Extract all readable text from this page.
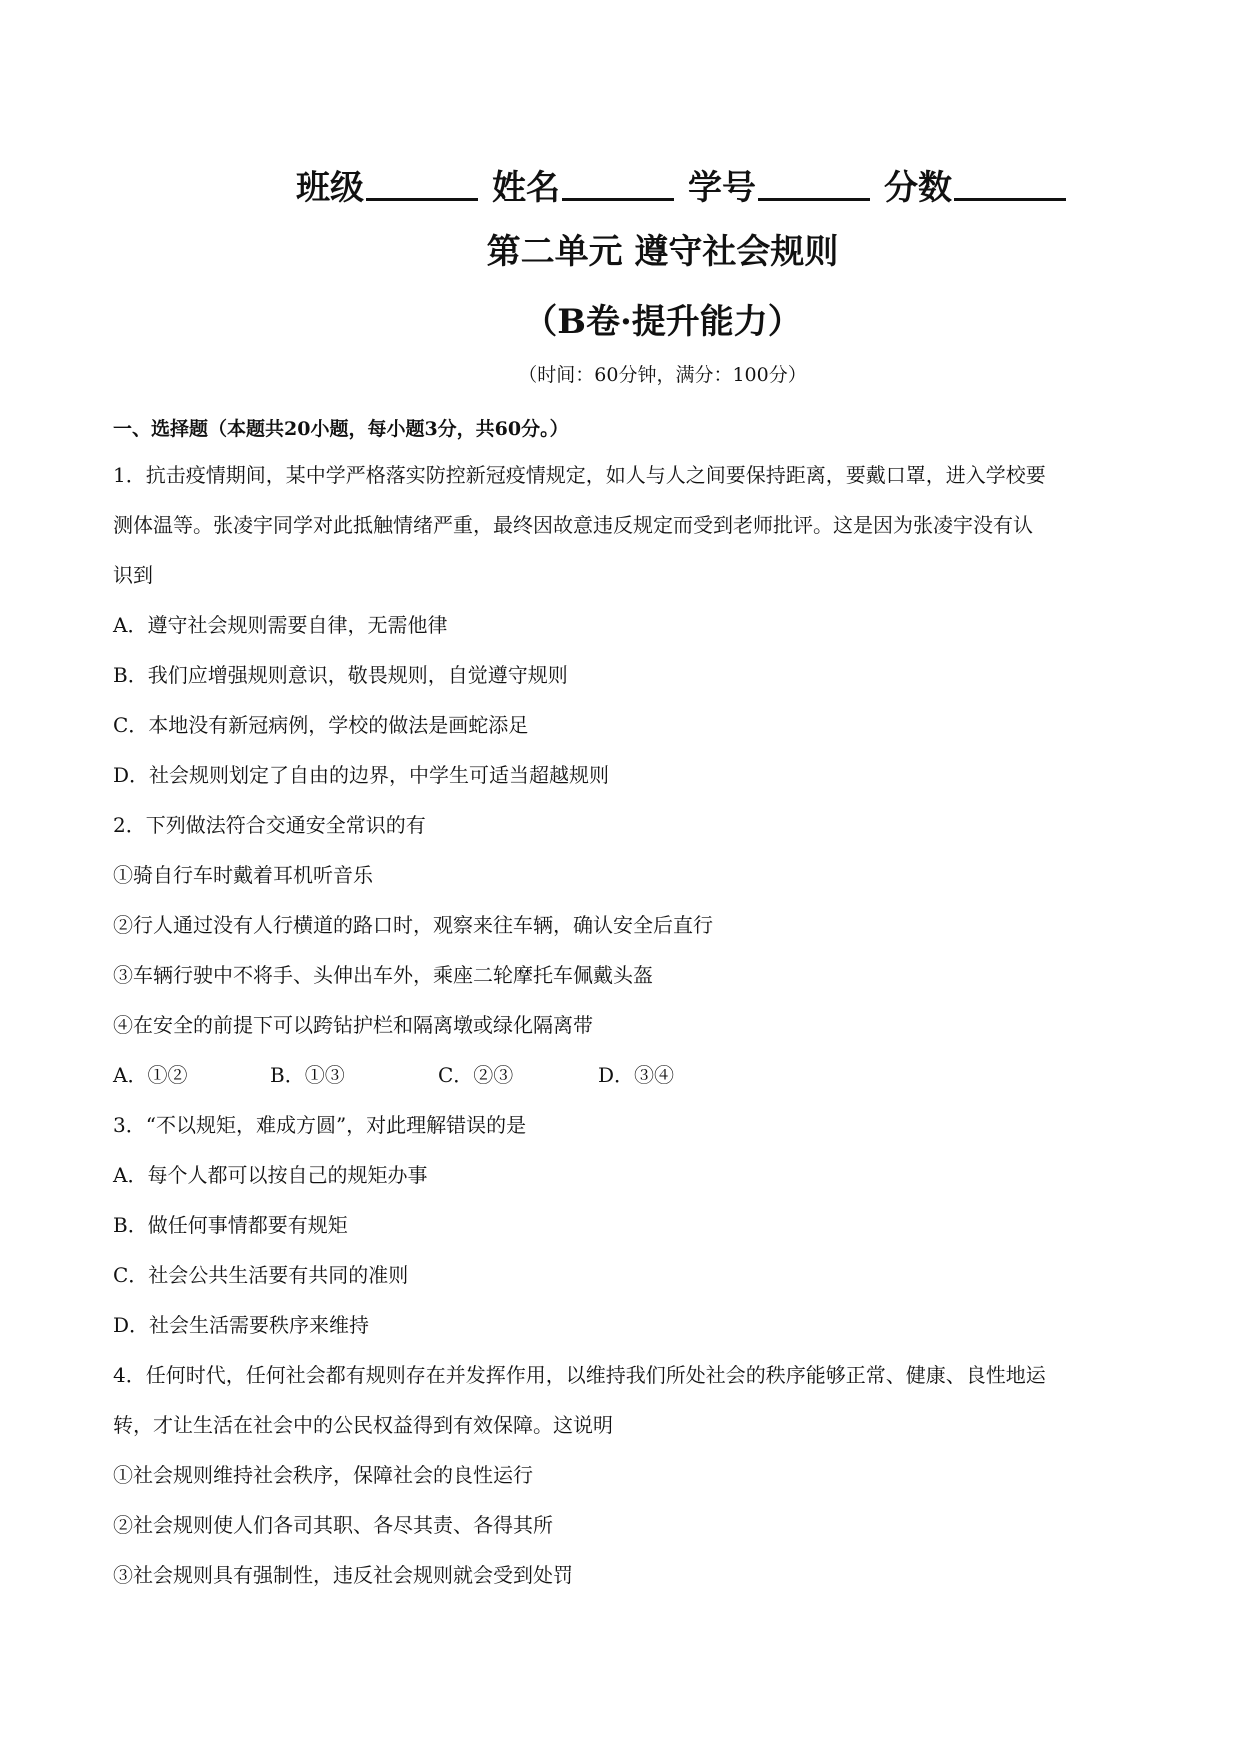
班级	姓名	学号	分数
第二单元 遵守社会规则
（B卷·提升能力）
（时间：60分钟，满分：100分）
一、选择题（本题共20小题，每小题3分，共60分。）
1．抗击疫情期间，某中学严格落实防控新冠疫情规定，如人与人之间要保持距离，要戴口罩，进入学校要
测体温等。张凌宇同学对此抵触情绪严重，最终因故意违反规定而受到老师批评。这是因为张凌宇没有认
识到
A．遵守社会规则需要自律，无需他律
B．我们应增强规则意识，敬畏规则，自觉遵守规则
C．本地没有新冠病例，学校的做法是画蛇添足
D．社会规则划定了自由的边界，中学生可适当超越规则
2．下列做法符合交通安全常识的有
①骑自行车时戴着耳机听音乐
②行人通过没有人行横道的路口时，观察来往车辆，确认安全后直行
③车辆行驶中不将手、头伸出车外，乘座二轮摩托车佩戴头盔
④在安全的前提下可以跨钻护栏和隔离墩或绿化隔离带
A．①②	B．①③	C．②③	D．③④
3．“不以规矩，难成方圆”，对此理解错误的是
A．每个人都可以按自己的规矩办事
B．做任何事情都要有规矩
C．社会公共生活要有共同的准则
D．社会生活需要秩序来维持
4．任何时代，任何社会都有规则存在并发挥作用，以维持我们所处社会的秩序能够正常、健康、良性地运
转，才让生活在社会中的公民权益得到有效保障。这说明
①社会规则维持社会秩序，保障社会的良性运行
②社会规则使人们各司其职、各尽其责、各得其所
③社会规则具有强制性，违反社会规则就会受到处罚
